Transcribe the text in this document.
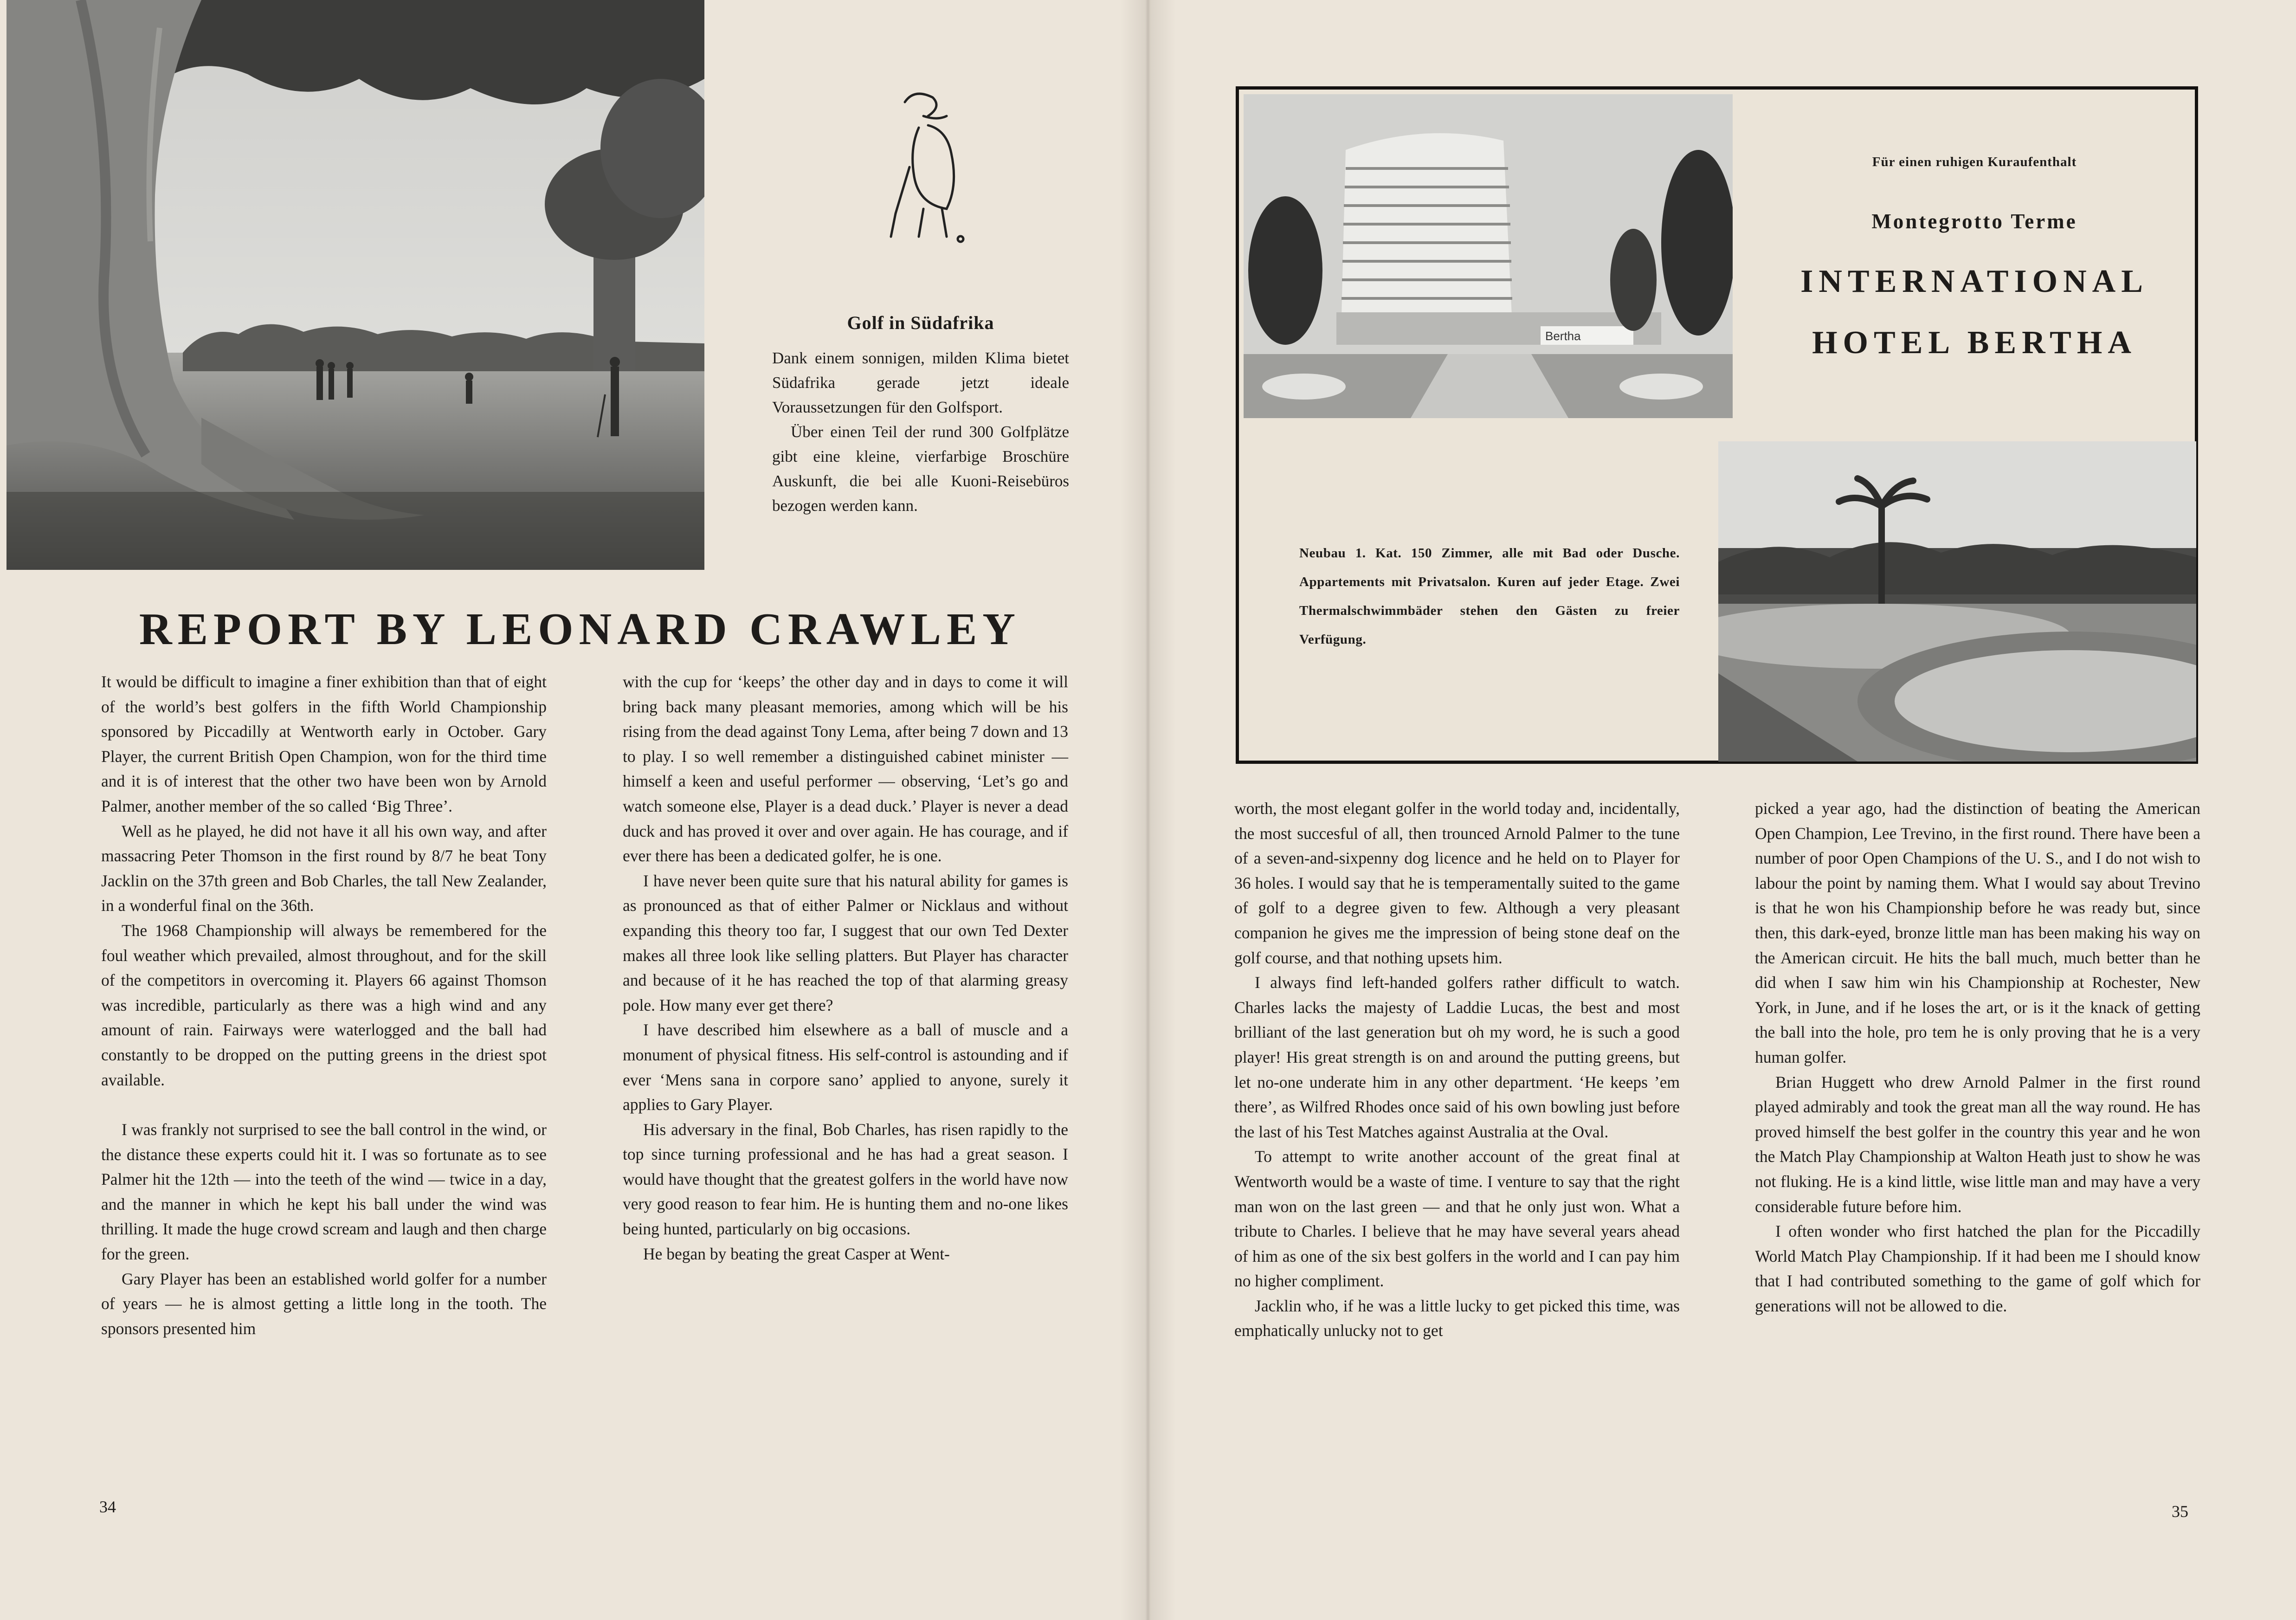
Golf in Südafrika

Dank einem sonnigen, milden Klima bietet Südafrika gerade jetzt ideale Voraussetzungen für den Golfsport.

Über einen Teil der rund 300 Golfplätze gibt eine kleine, vierfarbige Broschüre Auskunft, die bei alle Kuoni-Reisebüros bezogen werden kann.

REPORT BY LEONARD CRAWLEY

It would be difficult to imagine a finer exhibition than that of eight of the world’s best golfers in the fifth World Championship sponsored by Piccadilly at Wentworth early in October. Gary Player, the current British Open Champion, won for the third time and it is of interest that the other two have been won by Arnold Palmer, another member of the so called ‘Big Three’.

Well as he played, he did not have it all his own way, and after massacring Peter Thomson in the first round by 8/7 he beat Tony Jacklin on the 37th green and Bob Charles, the tall New Zealander, in a wonderful final on the 36th.

The 1968 Championship will always be remembered for the foul weather which prevailed, almost throughout, and for the skill of the competitors in overcoming it. Players 66 against Thomson was incredible, particularly as there was a high wind and any amount of rain. Fairways were waterlogged and the ball had constantly to be dropped on the putting greens in the driest spot available.

I was frankly not surprised to see the ball control in the wind, or the distance these experts could hit it. I was so fortunate as to see Palmer hit the 12th — into the teeth of the wind — twice in a day, and the manner in which he kept his ball under the wind was thrilling. It made the huge crowd scream and laugh and then charge for the green.

Gary Player has been an established world golfer for a number of years — he is almost getting a little long in the tooth. The sponsors presented him

with the cup for ‘keeps’ the other day and in days to come it will bring back many pleasant memories, among which will be his rising from the dead against Tony Lema, after being 7 down and 13 to play. I so well remember a distinguished cabinet minister — himself a keen and useful performer — observing, ‘Let’s go and watch someone else, Player is a dead duck.’ Player is never a dead duck and has proved it over and over again. He has courage, and if ever there has been a dedicated golfer, he is one.

I have never been quite sure that his natural ability for games is as pronounced as that of either Palmer or Nicklaus and without expanding this theory too far, I suggest that our own Ted Dexter makes all three look like selling platters. But Player has character and because of it he has reached the top of that alarming greasy pole. How many ever get there?

I have described him elsewhere as a ball of muscle and a monument of physical fitness. His self-control is astounding and if ever ‘Mens sana in corpore sano’ applied to anyone, surely it applies to Gary Player.

His adversary in the final, Bob Charles, has risen rapidly to the top since turning professional and he has had a great season. I would have thought that the greatest golfers in the world have now very good reason to fear him. He is hunting them and no-one likes being hunted, particularly on big occasions.

He began by beating the great Casper at Went-

34
Bertha
Für einen ruhigen Kuraufenthalt
Montegrotto Terme
INTERNATIONAL
HOTEL BERTHA
Neubau 1. Kat. 150 Zimmer, alle mit Bad oder Dusche. Appartements mit Privatsalon. Kuren auf jeder Etage. Zwei Thermalschwimmbäder stehen den Gästen zu freier Verfügung.

worth, the most elegant golfer in the world today and, incidentally, the most succesful of all, then trounced Arnold Palmer to the tune of a seven-and-sixpenny dog licence and he held on to Player for 36 holes. I would say that he is temperamentally suited to the game of golf to a degree given to few. Although a very pleasant companion he gives me the impression of being stone deaf on the golf course, and that nothing upsets him.

I always find left-handed golfers rather difficult to watch. Charles lacks the majesty of Laddie Lucas, the best and most brilliant of the last generation but oh my word, he is such a good player! His great strength is on and around the putting greens, but let no-one underate him in any other department. ‘He keeps ’em there’, as Wilfred Rhodes once said of his own bowling just before the last of his Test Matches against Australia at the Oval.

To attempt to write another account of the great final at Wentworth would be a waste of time. I venture to say that the right man won on the last green — and that he only just won. What a tribute to Charles. I believe that he may have several years ahead of him as one of the six best golfers in the world and I can pay him no higher compliment.

Jacklin who, if he was a little lucky to get picked this time, was emphatically unlucky not to get

picked a year ago, had the distinction of beating the American Open Champion, Lee Trevino, in the first round. There have been a number of poor Open Champions of the U. S., and I do not wish to labour the point by naming them. What I would say about Trevino is that he won his Championship before he was ready but, since then, this dark-eyed, bronze little man has been making his way on the American circuit. He hits the ball much, much better than he did when I saw him win his Championship at Rochester, New York, in June, and if he loses the art, or is it the knack of getting the ball into the hole, pro tem he is only proving that he is a very human golfer.

Brian Huggett who drew Arnold Palmer in the first round played admirably and took the great man all the way round. He has proved himself the best golfer in the country this year and he won the Match Play Championship at Walton Heath just to show he was not fluking. He is a kind little, wise little man and may have a very considerable future before him.

I often wonder who first hatched the plan for the Piccadilly World Match Play Championship. If it had been me I should know that I had contributed something to the game of golf which for generations will not be allowed to die.

35
